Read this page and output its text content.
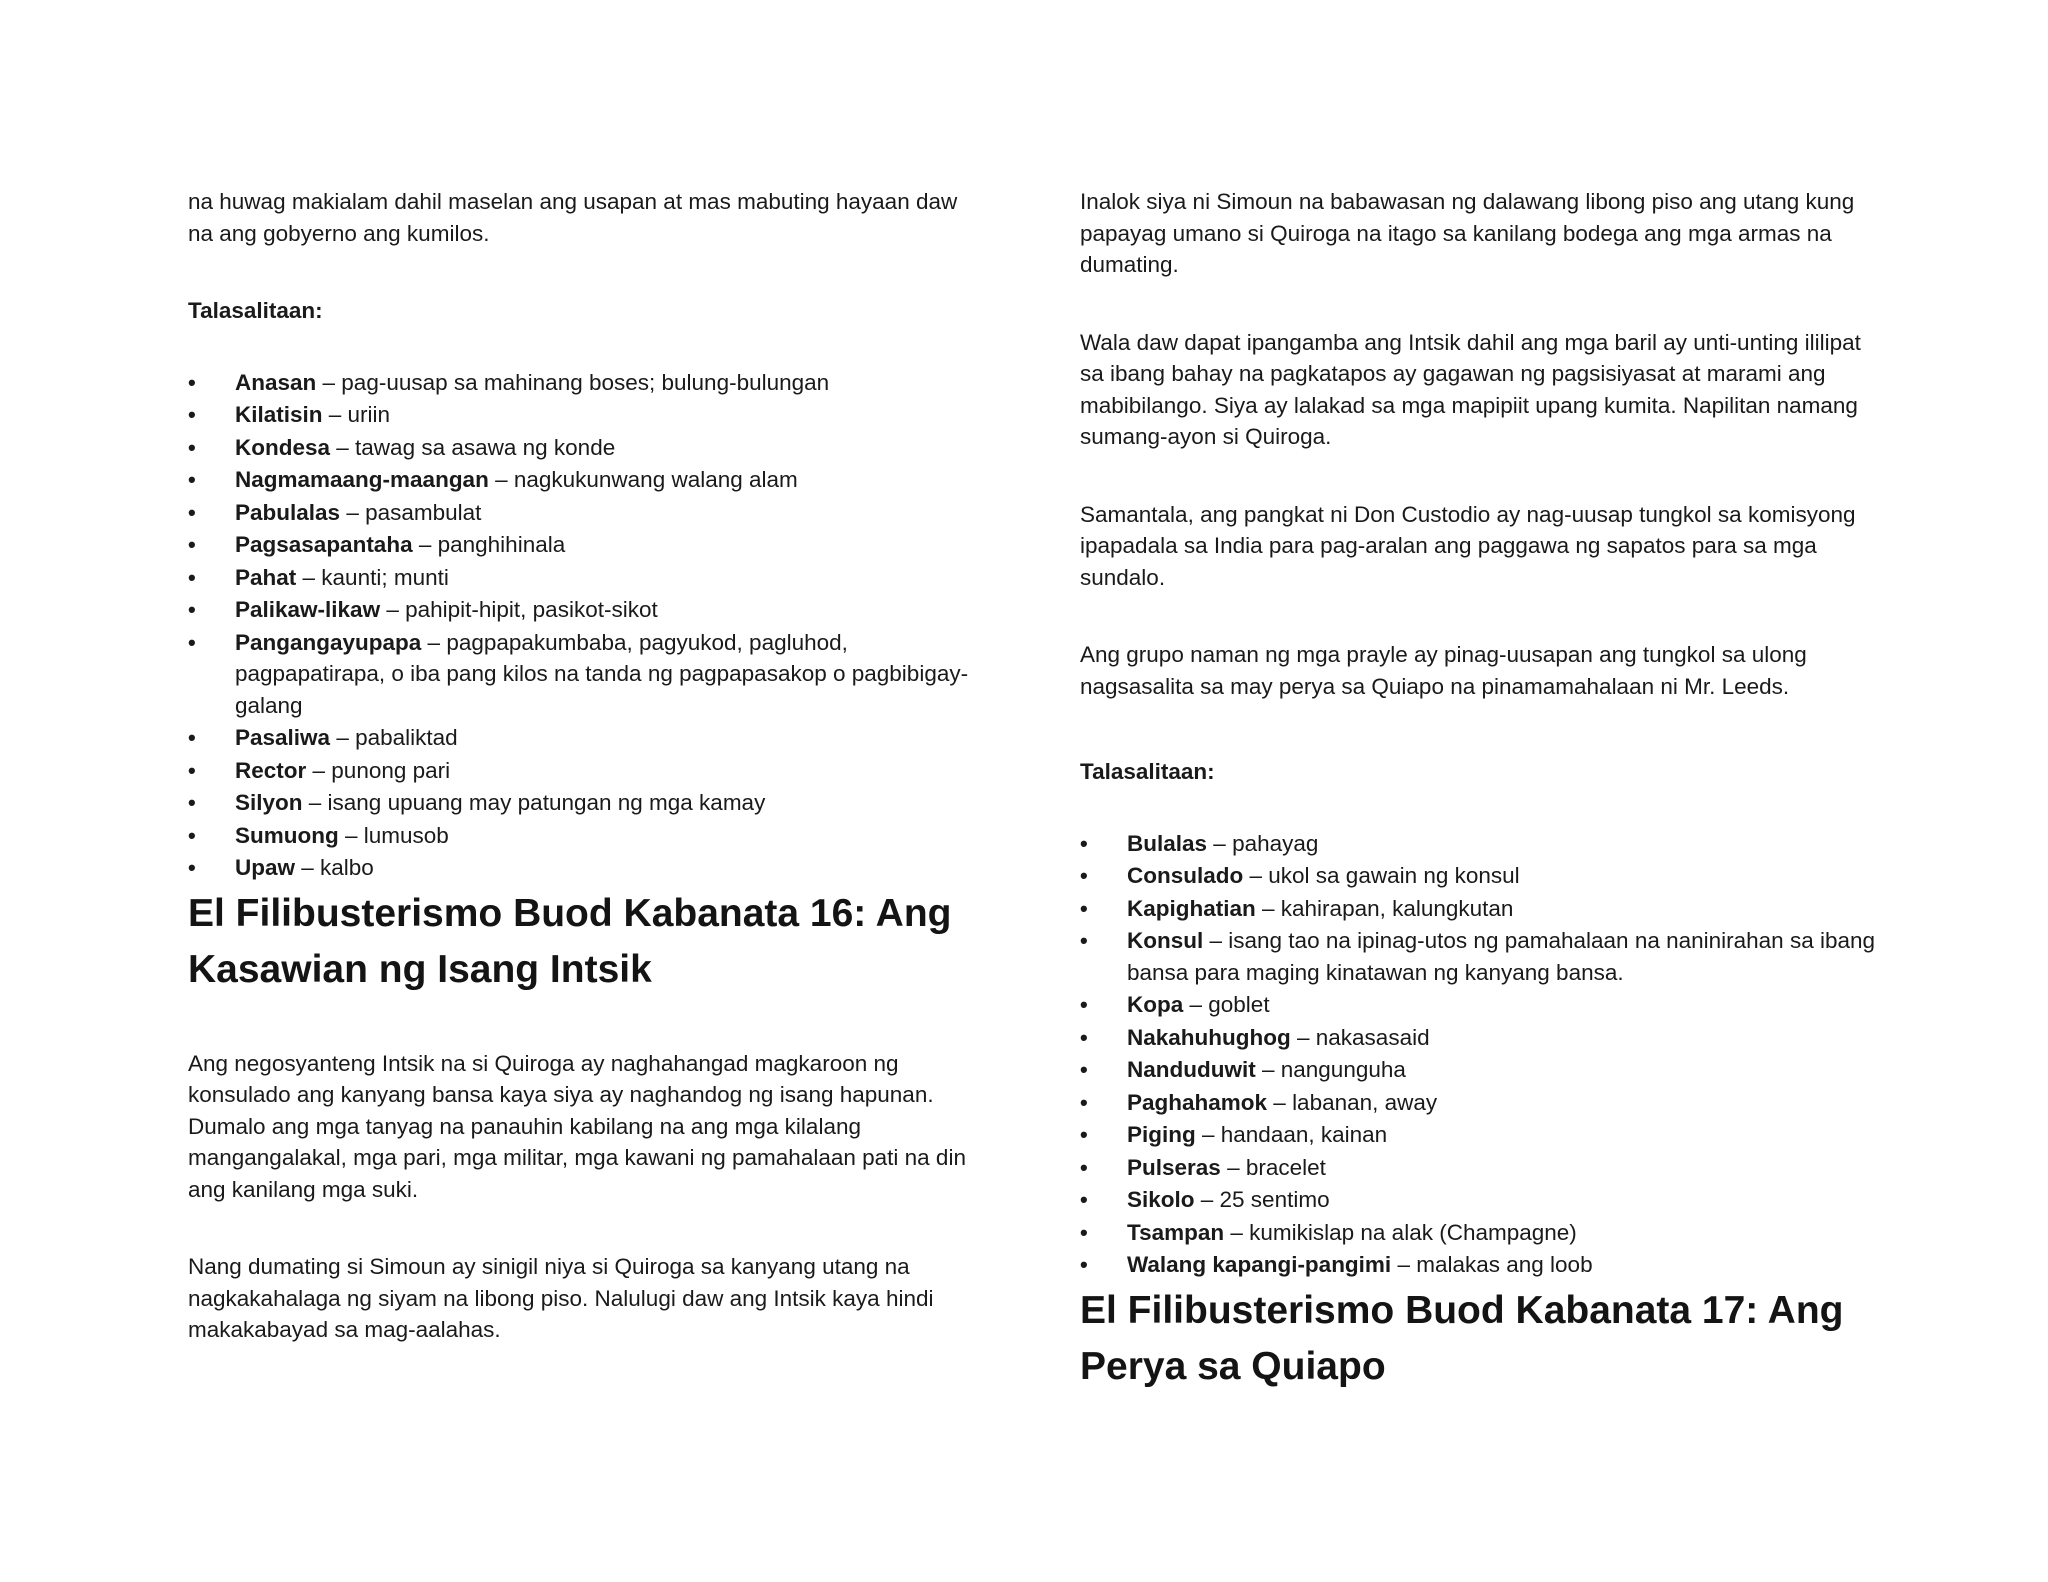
na huwag makialam dahil maselan ang usapan at mas mabuting hayaan daw na ang gobyerno ang kumilos.

Talasalitaan:

•	Anasan – pag-uusap sa mahinang boses; bulung-bulungan
•	Kilatisin – uriin
•	Kondesa – tawag sa asawa ng konde
•	Nagmamaang-maangan – nagkukunwang walang alam
•	Pabulalas – pasambulat
•	Pagsasapantaha – panghihinala
•	Pahat – kaunti; munti
•	Palikaw-likaw – pahipit-hipit, pasikot-sikot
•	Pangangayupapa – pagpapakumbaba, pagyukod, pagluhod, pagpapatirapa, o iba pang kilos na tanda ng pagpapasakop o pagbibigay-galang
•	Pasaliwa – pabaliktad
•	Rector – punong pari
•	Silyon – isang upuang may patungan ng mga kamay
•	Sumuong – lumusob
•	Upaw – kalbo
El Filibusterismo Buod Kabanata 16: Ang Kasawian ng Isang Intsik

Ang negosyanteng Intsik na si Quiroga ay naghahangad magkaroon ng konsulado ang kanyang bansa kaya siya ay naghandog ng isang hapunan. Dumalo ang mga tanyag na panauhin kabilang na ang mga kilalang mangangalakal, mga pari, mga militar, mga kawani ng pamahalaan pati na din ang kanilang mga suki.

Nang dumating si Simoun ay sinigil niya si Quiroga sa kanyang utang na nagkakahalaga ng siyam na libong piso. Nalulugi daw ang Intsik kaya hindi makakabayad sa mag-aalahas.

Inalok siya ni Simoun na babawasan ng dalawang libong piso ang utang kung papayag umano si Quiroga na itago sa kanilang bodega ang mga armas na dumating.

Wala daw dapat ipangamba ang Intsik dahil ang mga baril ay unti-unting ililipat sa ibang bahay na pagkatapos ay gagawan ng pagsisiyasat at marami ang mabibilango. Siya ay lalakad sa mga mapipiit upang kumita. Napilitan namang sumang-ayon si Quiroga.

Samantala, ang pangkat ni Don Custodio ay nag-uusap tungkol sa komisyong ipapadala sa India para pag-aralan ang paggawa ng sapatos para sa mga sundalo.

Ang grupo naman ng mga prayle ay pinag-uusapan ang tungkol sa ulong nagsasalita sa may perya sa Quiapo na pinamamahalaan ni Mr. Leeds.

Talasalitaan:

•	Bulalas – pahayag
•	Consulado – ukol sa gawain ng konsul
•	Kapighatian – kahirapan, kalungkutan
•	Konsul – isang tao na ipinag-utos ng pamahalaan na naninirahan sa ibang bansa para maging kinatawan ng kanyang bansa.
•	Kopa – goblet
•	Nakahuhughog – nakasasaid
•	Nanduduwit – nangunguha
•	Paghahamok – labanan, away
•	Piging – handaan, kainan
•	Pulseras – bracelet
•	Sikolo – 25 sentimo
•	Tsampan – kumikislap na alak (Champagne)
•	Walang kapangi-pangimi – malakas ang loob
El Filibusterismo Buod Kabanata 17: Ang Perya sa Quiapo
